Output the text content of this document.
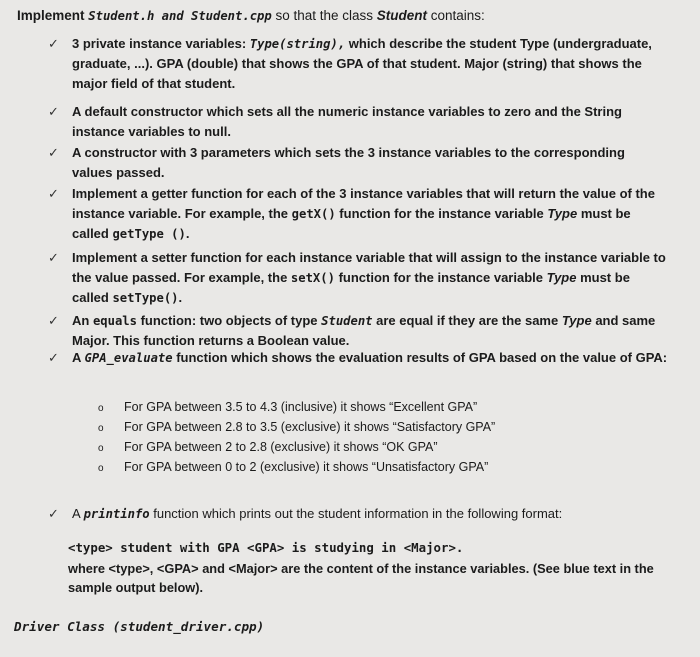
Implement Student.h and Student.cpp so that the class Student contains:
✓	3 private instance variables: Type(string), which describe the student Type (undergraduate, graduate, ...). GPA (double) that shows the GPA of that student. Major (string) that shows the major field of that student.
✓	A default constructor which sets all the numeric instance variables to zero and the String instance variables to null.
✓	A constructor with 3 parameters which sets the 3 instance variables to the corresponding values passed.
✓	Implement a getter function for each of the 3 instance variables that will return the value of the instance variable. For example, the getX() function for the instance variable Type must be called getType ().
✓	Implement a setter function for each instance variable that will assign to the instance variable to the value passed. For example, the setX() function for the instance variable Type must be called setType().
✓	An equals function: two objects of type Student are equal if they are the same Type and same Major. This function returns a Boolean value.
✓	A GPA_evaluate function which shows the evaluation results of GPA based on the value of GPA:
o For GPA between 3.5 to 4.3 (inclusive) it shows “Excellent GPA”
o For GPA between 2.8 to 3.5 (exclusive) it shows “Satisfactory GPA”
o For GPA between 2 to 2.8 (exclusive) it shows “OK GPA”
o For GPA between 0 to 2 (exclusive) it shows “Unsatisfactory GPA”
✓	A printinfo function which prints out the student information in the following format:
<type> student with GPA <GPA> is studying in <Major>.
where <type>, <GPA> and <Major> are the content of the instance variables. (See blue text in the sample output below).
Driver Class (student_driver.cpp)
